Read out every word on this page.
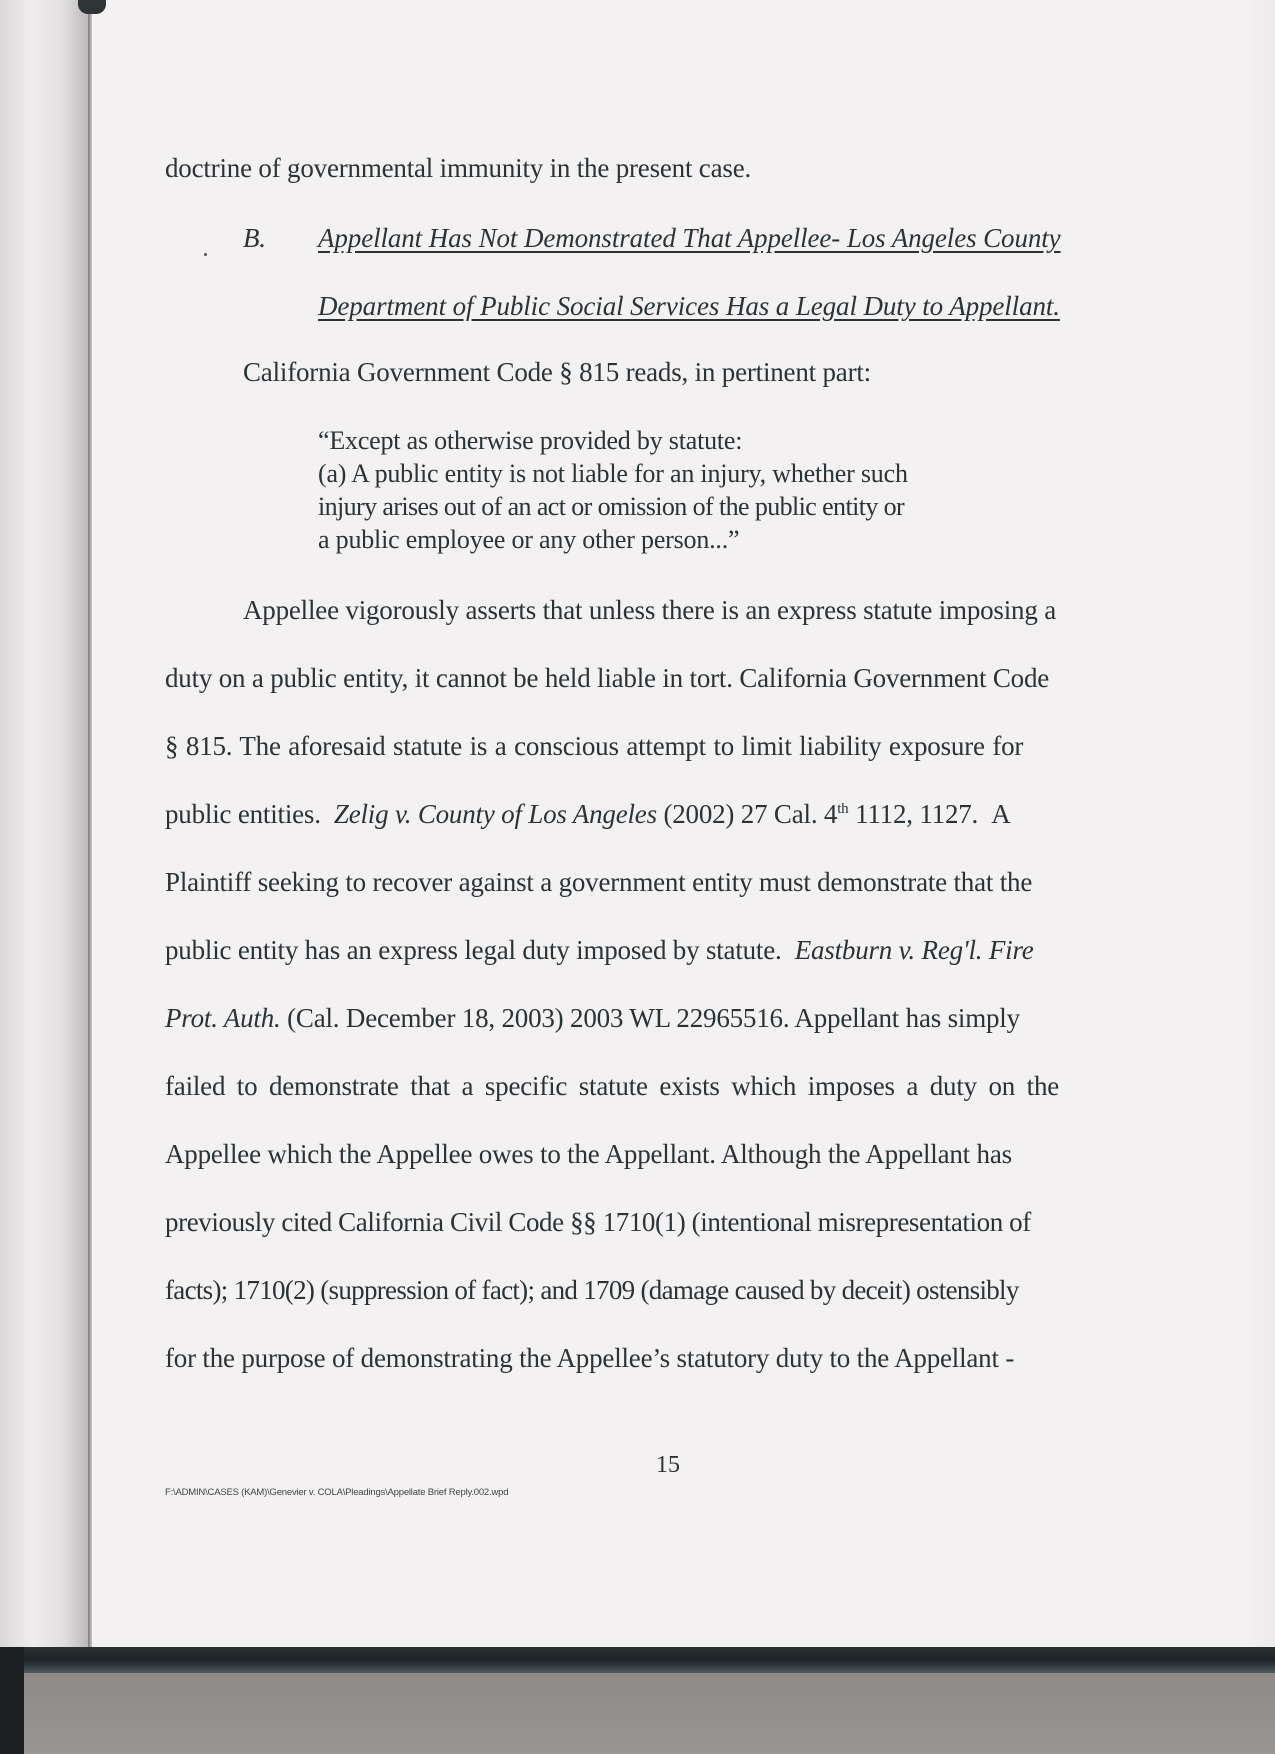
doctrine of governmental immunity in the present case.
B. Appellant Has Not Demonstrated That Appellee- Los Angeles County
Department of Public Social Services Has a Legal Duty to Appellant.
California Government Code § 815 reads, in pertinent part:
“Except as otherwise provided by statute:
(a) A public entity is not liable for an injury, whether such
injury arises out of an act or omission of the public entity or
a public employee or any other person...”
Appellee vigorously asserts that unless there is an express statute imposing a
duty on a public entity, it cannot be held liable in tort. California Government Code
§ 815. The aforesaid statute is a conscious attempt to limit liability exposure for
public entities. Zelig v. County of Los Angeles (2002) 27 Cal. 4th 1112, 1127. A
Plaintiff seeking to recover against a government entity must demonstrate that the
public entity has an express legal duty imposed by statute. Eastburn v. Reg'l. Fire
Prot. Auth. (Cal. December 18, 2003) 2003 WL 22965516. Appellant has simply
failed to demonstrate that a specific statute exists which imposes a duty on the
Appellee which the Appellee owes to the Appellant. Although the Appellant has
previously cited California Civil Code §§ 1710(1) (intentional misrepresentation of
facts); 1710(2) (suppression of fact); and 1709 (damage caused by deceit) ostensibly
for the purpose of demonstrating the Appellee’s statutory duty to the Appellant -
15
F:\ADMIN\CASES (KAM)\Genevier v. COLA\Pleadings\Appellate Brief Reply.002.wpd
